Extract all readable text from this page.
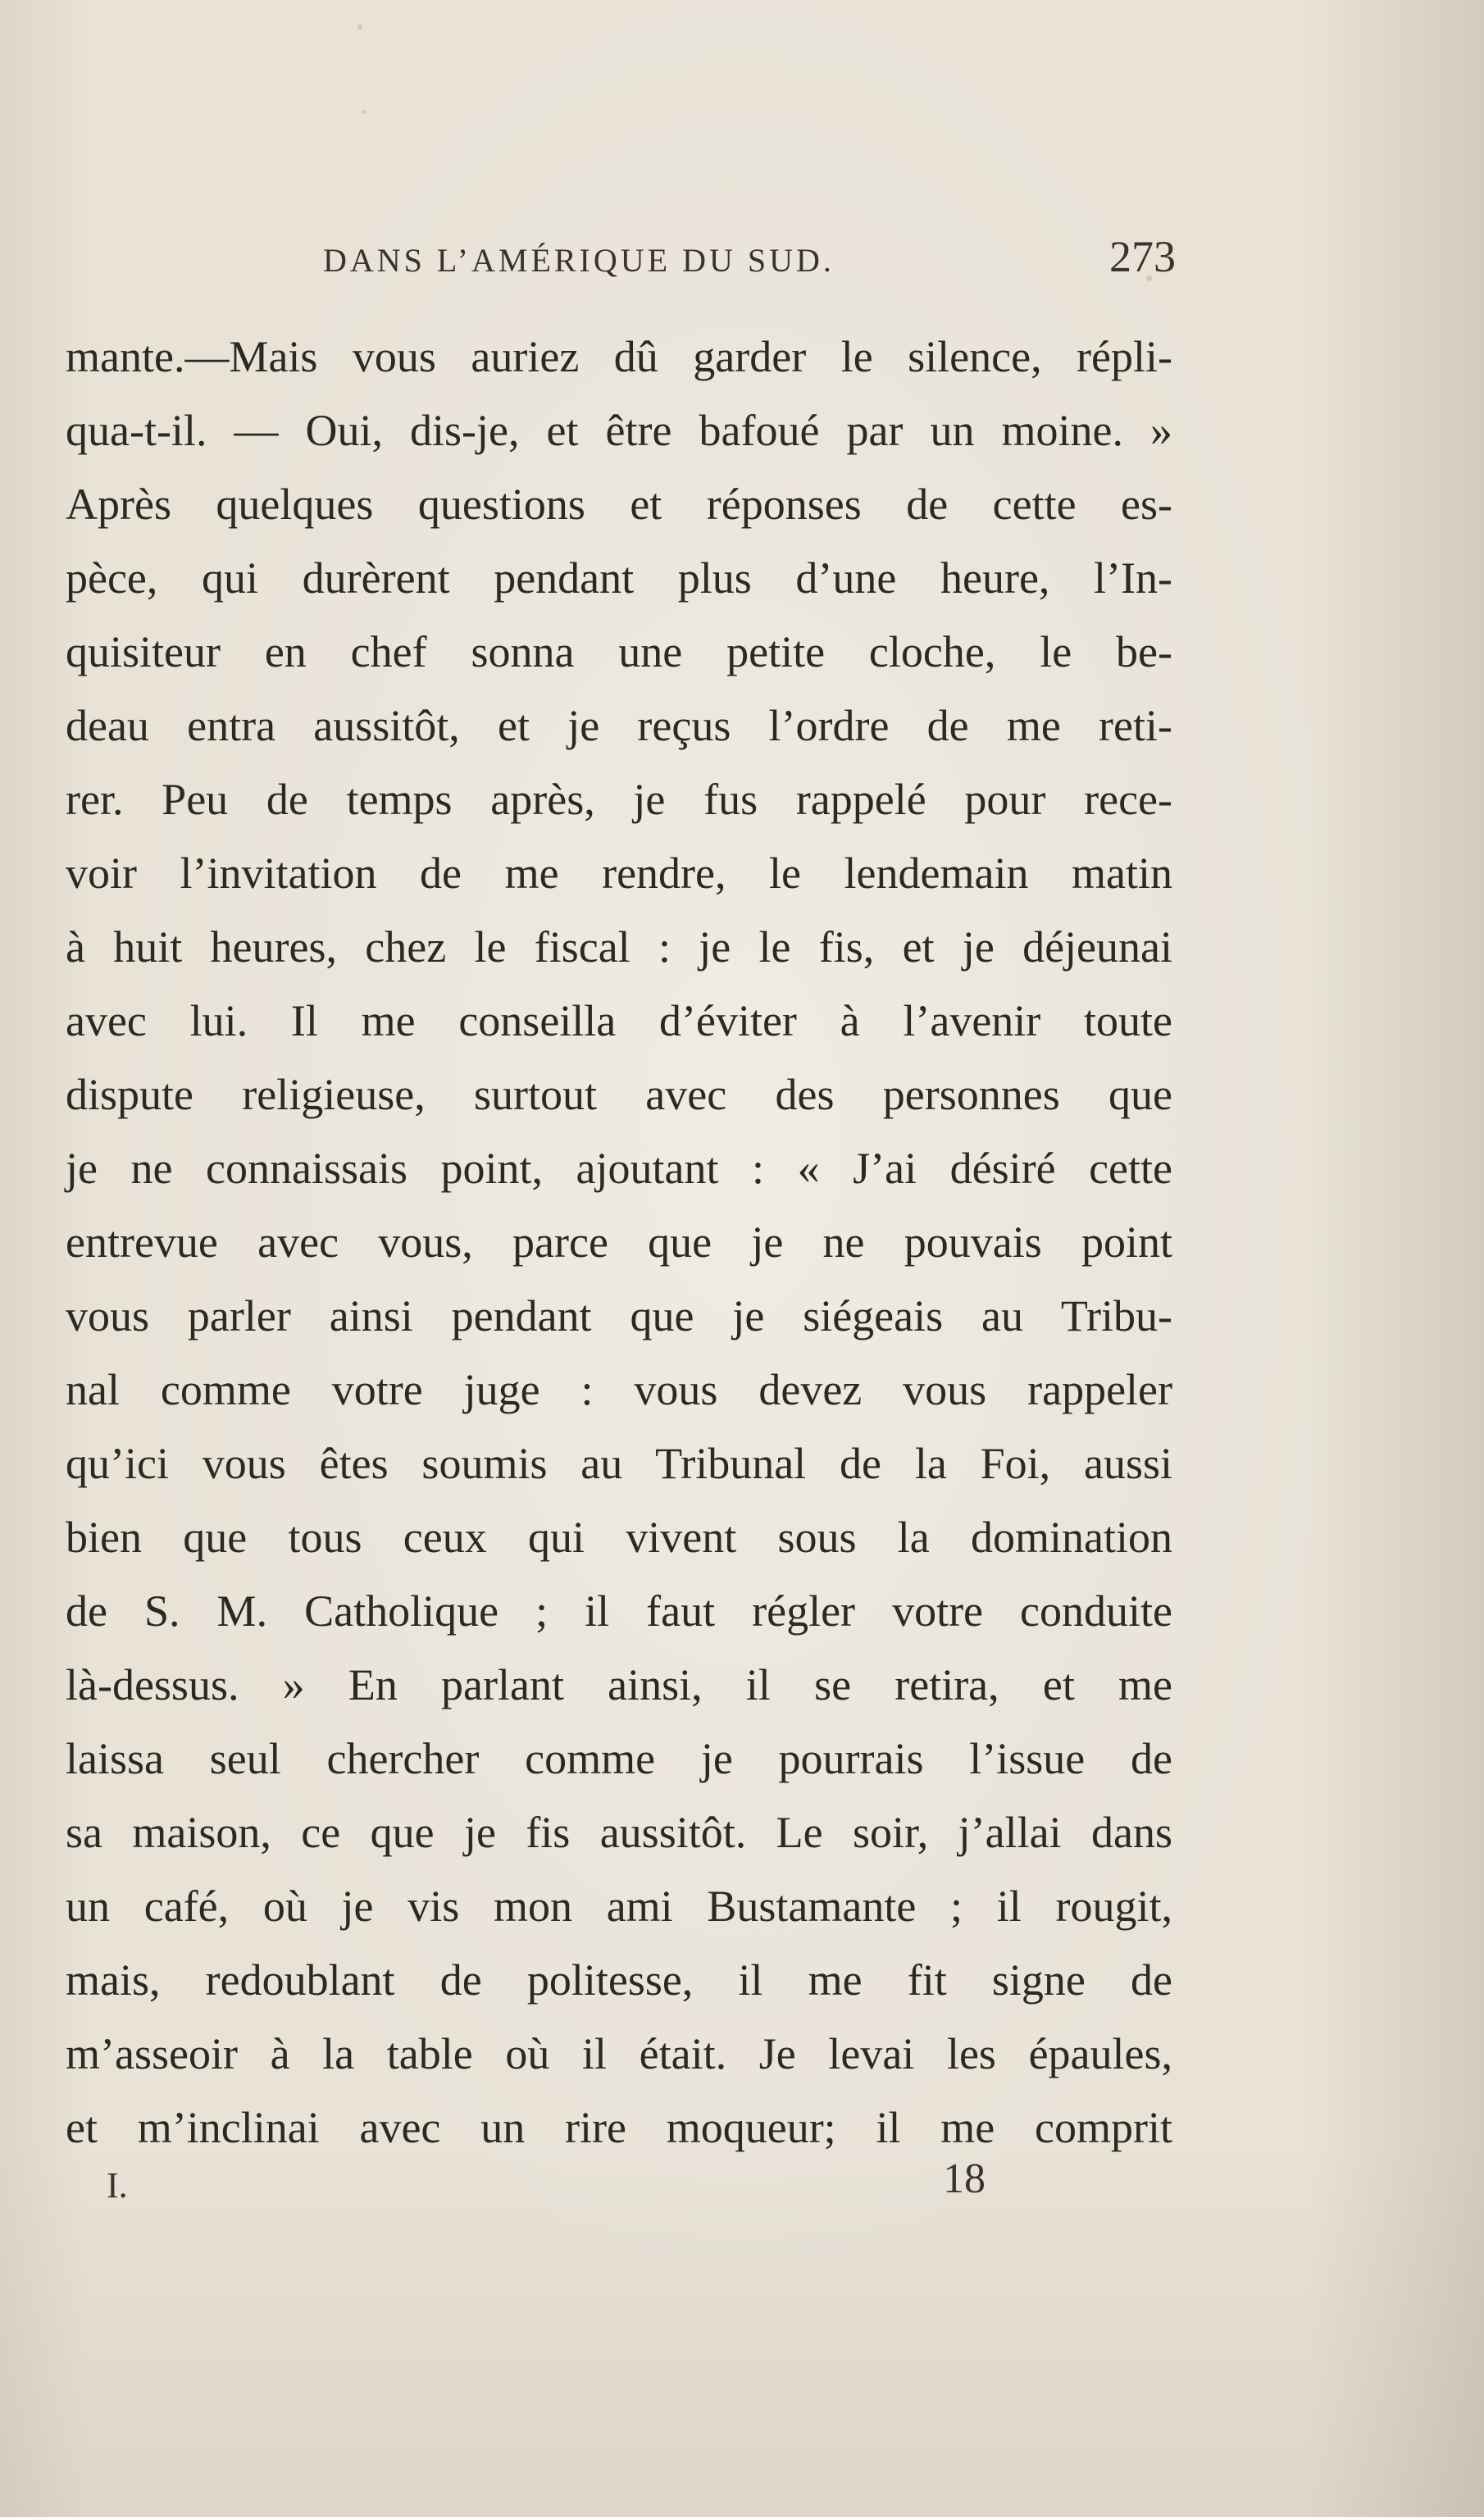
DANS L’AMÉRIQUE DU SUD.	273
mante.—Mais vous auriez dû garder le silence, répli-
qua-t-il. — Oui, dis-je, et être bafoué par un moine. »
Après quelques questions et réponses de cette es-
pèce, qui durèrent pendant plus d’une heure, l’In-
quisiteur en chef sonna une petite cloche, le be-
deau entra aussitôt, et je reçus l’ordre de me reti-
rer. Peu de temps après, je fus rappelé pour rece-
voir l’invitation de me rendre, le lendemain matin
à huit heures, chez le fiscal : je le fis, et je déjeunai
avec lui. Il me conseilla d’éviter à l’avenir toute
dispute religieuse, surtout avec des personnes que
je ne connaissais point, ajoutant : « J’ai désiré cette
entrevue avec vous, parce que je ne pouvais point
vous parler ainsi pendant que je siégeais au Tribu-
nal comme votre juge : vous devez vous rappeler
qu’ici vous êtes soumis au Tribunal de la Foi, aussi
bien que tous ceux qui vivent sous la domination
de S. M. Catholique ; il faut régler votre conduite
là-dessus. » En parlant ainsi, il se retira, et me
laissa seul chercher comme je pourrais l’issue de
sa maison, ce que je fis aussitôt. Le soir, j’allai dans
un café, où je vis mon ami Bustamante ; il rougit,
mais, redoublant de politesse, il me fit signe de
m’asseoir à la table où il était. Je levai les épaules,
et m’inclinai avec un rire moqueur; il me comprit
I.	18
